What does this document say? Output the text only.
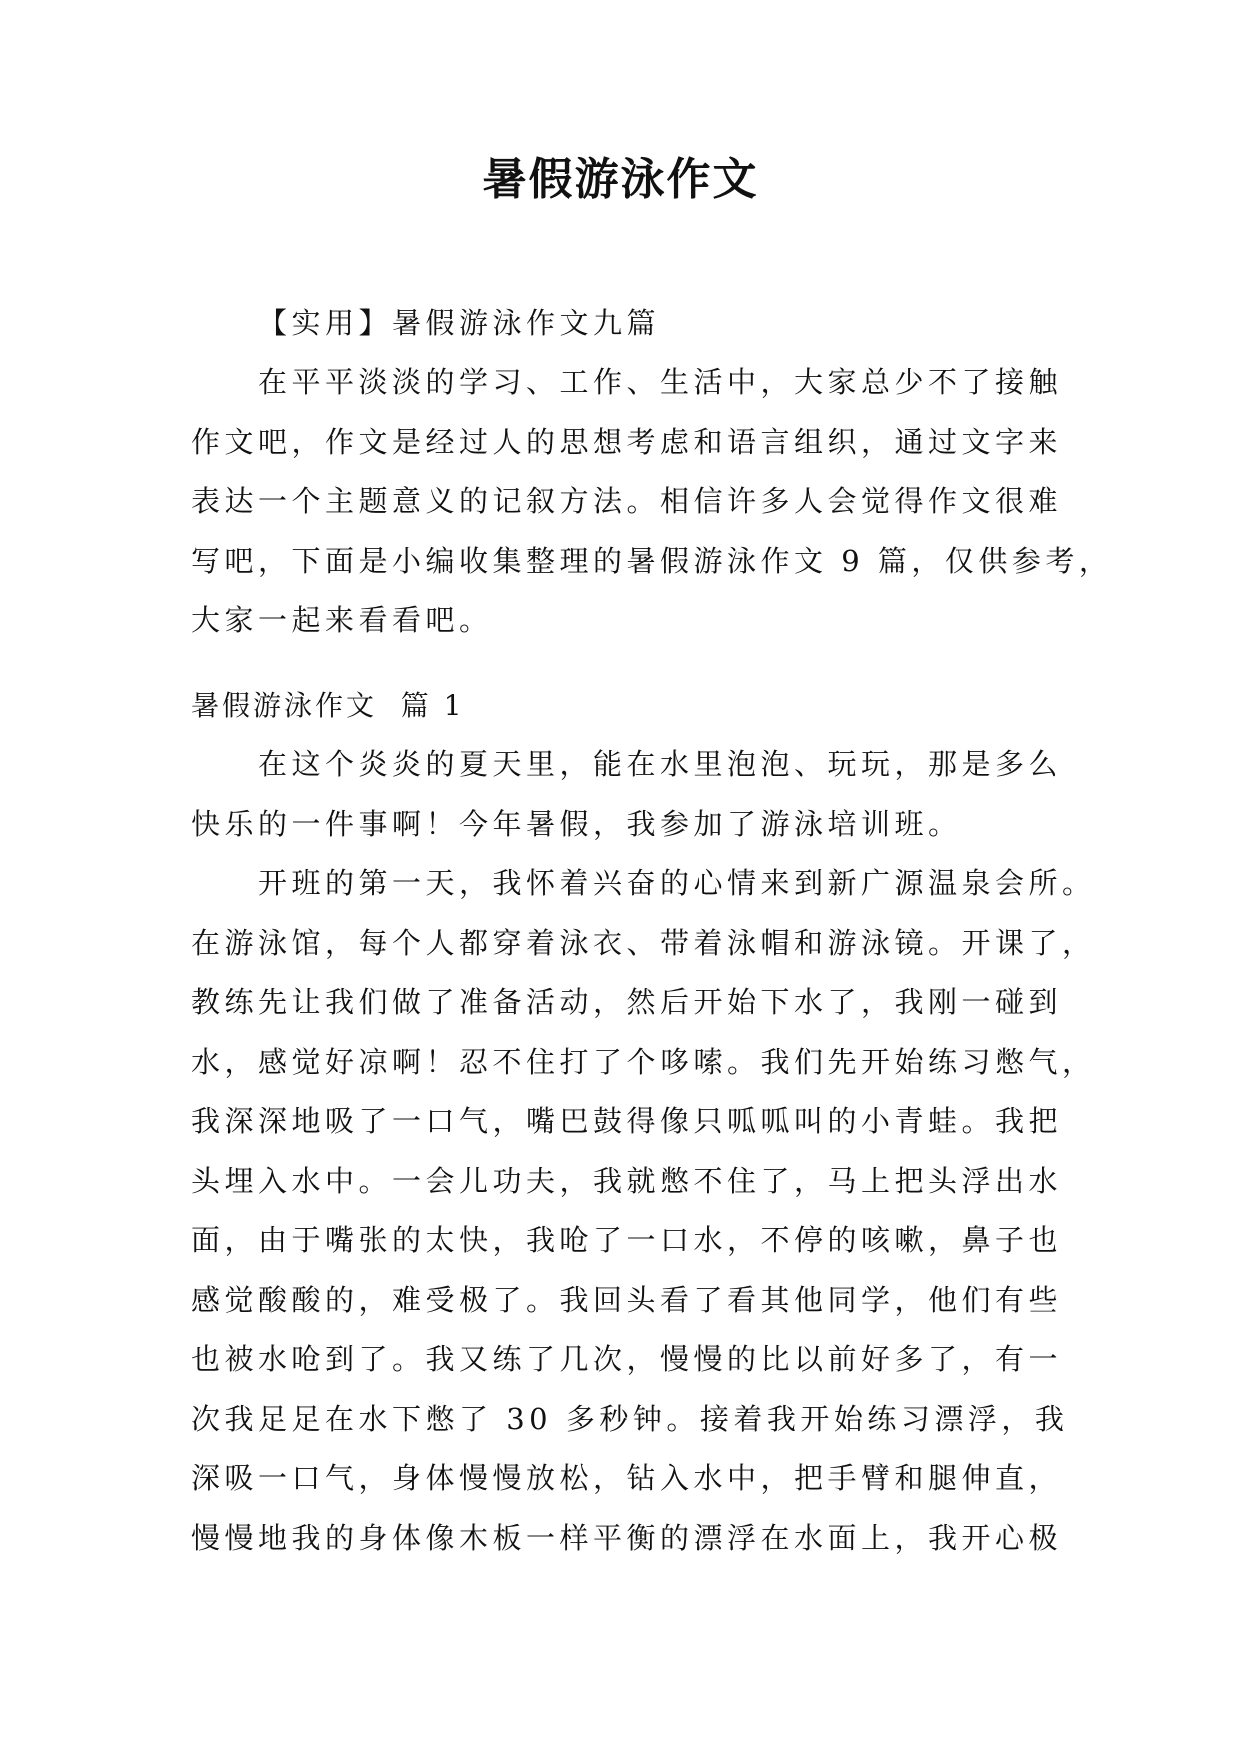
暑假游泳作文
【实用】暑假游泳作文九篇
在平平淡淡的学习、工作、生活中，大家总少不了接触
作文吧，作文是经过人的思想考虑和语言组织，通过文字来
表达一个主题意义的记叙方法。相信许多人会觉得作文很难
写吧，下面是小编收集整理的暑假游泳作文 9 篇，仅供参考，
大家一起来看看吧。
暑假游泳作文  篇 1
在这个炎炎的夏天里，能在水里泡泡、玩玩，那是多么
快乐的一件事啊！今年暑假，我参加了游泳培训班。
开班的第一天，我怀着兴奋的心情来到新广源温泉会所。
在游泳馆，每个人都穿着泳衣、带着泳帽和游泳镜。开课了，
教练先让我们做了准备活动，然后开始下水了，我刚一碰到
水，感觉好凉啊！忍不住打了个哆嗦。我们先开始练习憋气，
我深深地吸了一口气，嘴巴鼓得像只呱呱叫的小青蛙。我把
头埋入水中。一会儿功夫，我就憋不住了，马上把头浮出水
面，由于嘴张的太快，我呛了一口水，不停的咳嗽，鼻子也
感觉酸酸的，难受极了。我回头看了看其他同学，他们有些
也被水呛到了。我又练了几次，慢慢的比以前好多了，有一
次我足足在水下憋了 30 多秒钟。接着我开始练习漂浮，我
深吸一口气，身体慢慢放松，钻入水中，把手臂和腿伸直，
慢慢地我的身体像木板一样平衡的漂浮在水面上，我开心极
